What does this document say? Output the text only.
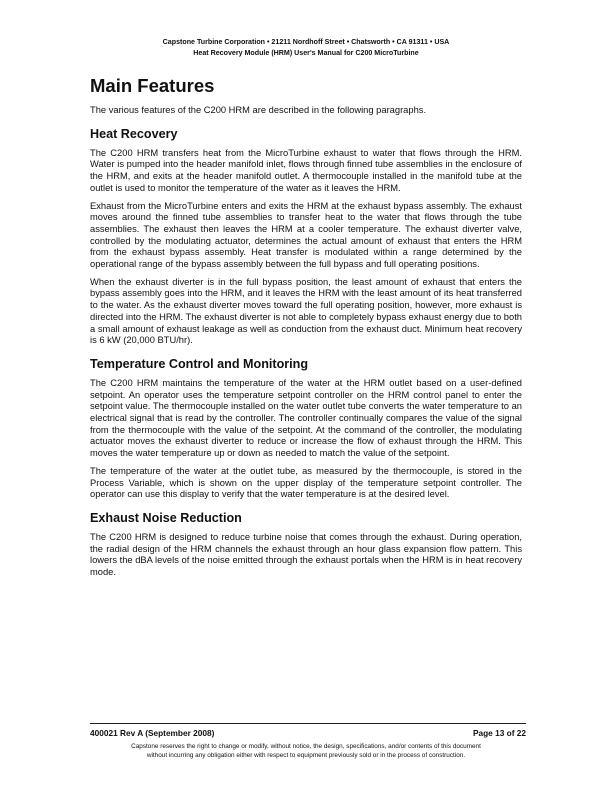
Capstone Turbine Corporation • 21211 Nordhoff Street • Chatsworth • CA 91311 • USA
Heat Recovery Module (HRM) User's Manual for C200 MicroTurbine
Main Features

The various features of the C200 HRM are described in the following paragraphs.

Heat Recovery

The C200 HRM transfers heat from the MicroTurbine exhaust to water that flows through the HRM. Water is pumped into the header manifold inlet, flows through finned tube assemblies in the enclosure of the HRM, and exits at the header manifold outlet. A thermocouple installed in the manifold tube at the outlet is used to monitor the temperature of the water as it leaves the HRM.

Exhaust from the MicroTurbine enters and exits the HRM at the exhaust bypass assembly. The exhaust moves around the finned tube assemblies to transfer heat to the water that flows through the tube assemblies. The exhaust then leaves the HRM at a cooler temperature. The exhaust diverter valve, controlled by the modulating actuator, determines the actual amount of exhaust that enters the HRM from the exhaust bypass assembly. Heat transfer is modulated within a range determined by the operational range of the bypass assembly between the full bypass and full operating positions.

When the exhaust diverter is in the full bypass position, the least amount of exhaust that enters the bypass assembly goes into the HRM, and it leaves the HRM with the least amount of its heat transferred to the water. As the exhaust diverter moves toward the full operating position, however, more exhaust is directed into the HRM. The exhaust diverter is not able to completely bypass exhaust energy due to both a small amount of exhaust leakage as well as conduction from the exhaust duct. Minimum heat recovery is 6 kW (20,000 BTU/hr).

Temperature Control and Monitoring

The C200 HRM maintains the temperature of the water at the HRM outlet based on a user-defined setpoint. An operator uses the temperature setpoint controller on the HRM control panel to enter the setpoint value. The thermocouple installed on the water outlet tube converts the water temperature to an electrical signal that is read by the controller. The controller continually compares the value of the signal from the thermocouple with the value of the setpoint. At the command of the controller, the modulating actuator moves the exhaust diverter to reduce or increase the flow of exhaust through the HRM. This moves the water temperature up or down as needed to match the value of the setpoint.

The temperature of the water at the outlet tube, as measured by the thermocouple, is stored in the Process Variable, which is shown on the upper display of the temperature setpoint controller. The operator can use this display to verify that the water temperature is at the desired level.

Exhaust Noise Reduction

The C200 HRM is designed to reduce turbine noise that comes through the exhaust. During operation, the radial design of the HRM channels the exhaust through an hour glass expansion flow pattern. This lowers the dBA levels of the noise emitted through the exhaust portals when the HRM is in heat recovery mode.

400021 Rev A (September 2008)	Page 13 of 22
Capstone reserves the right to change or modify, without notice, the design, specifications, and/or contents of this document
without incurring any obligation either with respect to equipment previously sold or in the process of construction.
